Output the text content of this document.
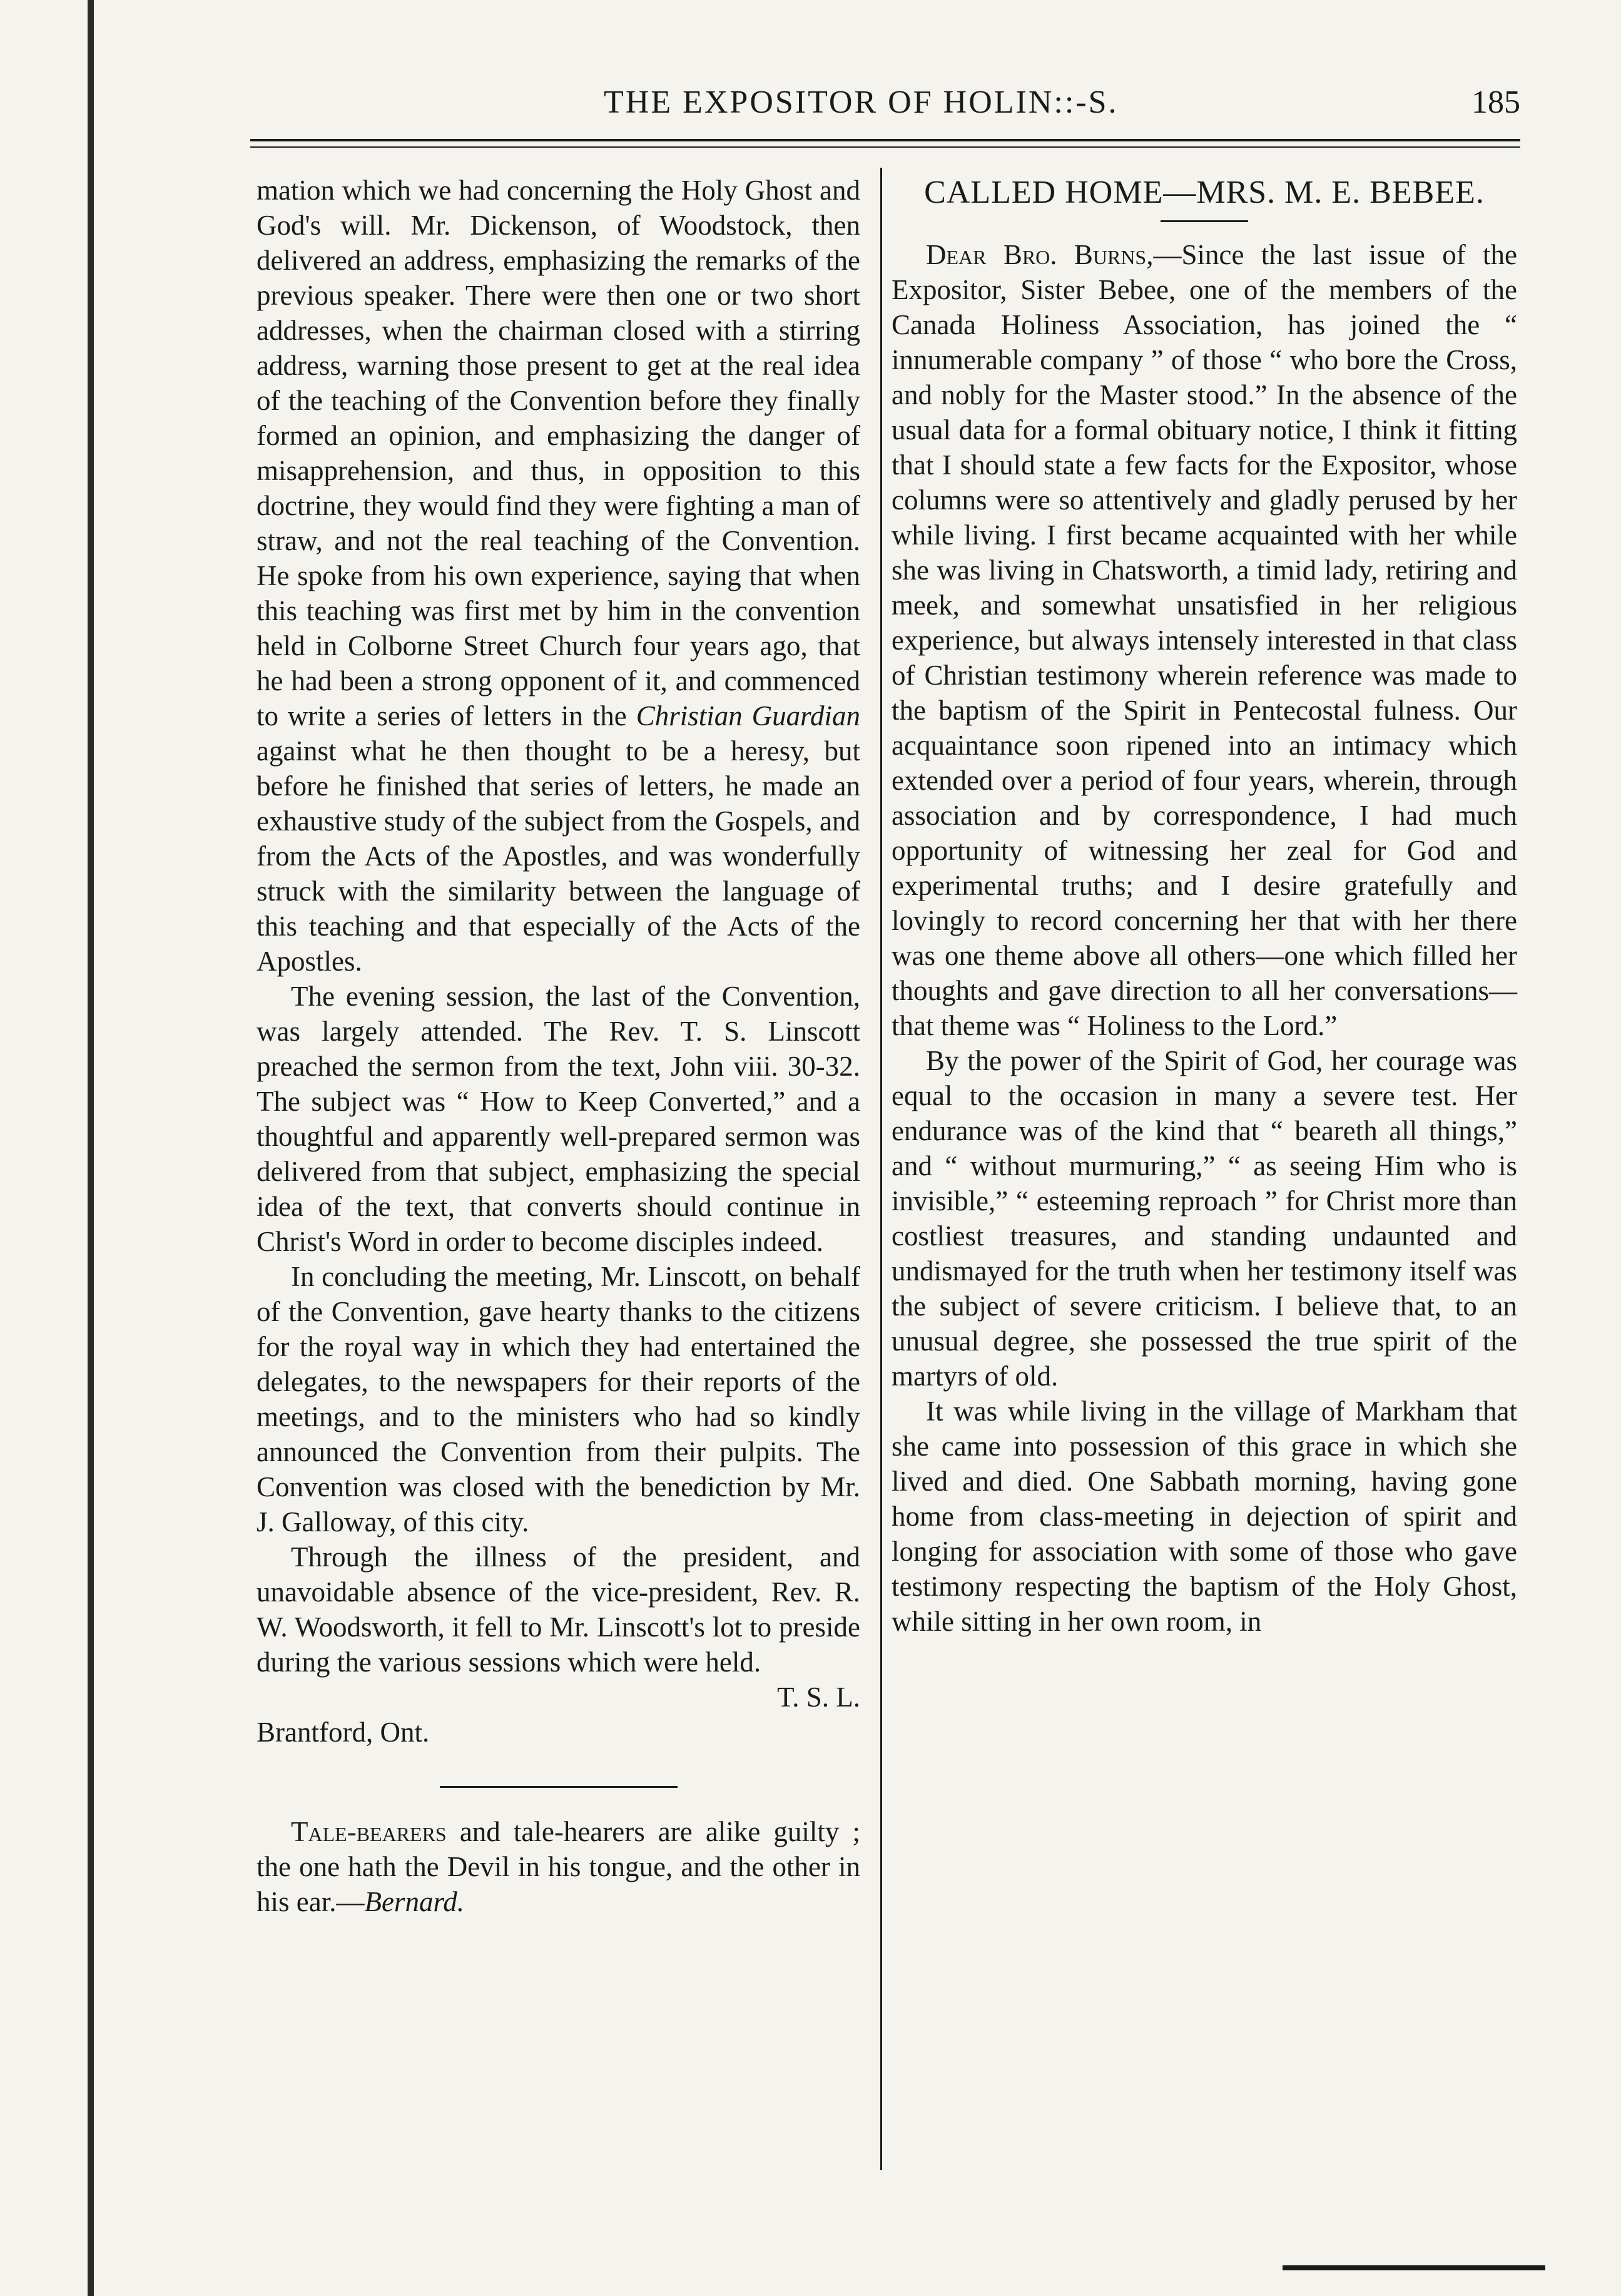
THE EXPOSITOR OF HOLIN::-S.	185

mation which we had concerning the Holy Ghost and God's will. Mr. Dickenson, of Woodstock, then delivered an address, emphasizing the remarks of the previous speaker. There were then one or two short addresses, when the chairman closed with a stirring address, warning those present to get at the real idea of the teaching of the Convention before they finally formed an opinion, and emphasizing the danger of misapprehension, and thus, in opposition to this doctrine, they would find they were fighting a man of straw, and not the real teaching of the Convention. He spoke from his own experience, saying that when this teaching was first met by him in the convention held in Colborne Street Church four years ago, that he had been a strong opponent of it, and commenced to write a series of letters in the Christian Guardian against what he then thought to be a heresy, but before he finished that series of letters, he made an exhaustive study of the subject from the Gospels, and from the Acts of the Apostles, and was wonderfully struck with the similarity between the language of this teaching and that especially of the Acts of the Apostles.

The evening session, the last of the Convention, was largely attended. The Rev. T. S. Linscott preached the sermon from the text, John viii. 30-32. The subject was “ How to Keep Converted,” and a thoughtful and apparently well-prepared sermon was delivered from that subject, emphasizing the special idea of the text, that converts should continue in Christ's Word in order to become disciples indeed.

In concluding the meeting, Mr. Linscott, on behalf of the Convention, gave hearty thanks to the citizens for the royal way in which they had entertained the delegates, to the newspapers for their reports of the meetings, and to the ministers who had so kindly announced the Convention from their pulpits. The Convention was closed with the benediction by Mr. J. Galloway, of this city.

Through the illness of the president, and unavoidable absence of the vice-president, Rev. R. W. Woodsworth, it fell to Mr. Linscott's lot to preside during the various sessions which were held.

T. S. L.

Brantford, Ont.

Tale-bearers and tale-hearers are alike guilty ; the one hath the Devil in his tongue, and the other in his ear.—Bernard.

CALLED HOME—MRS. M. E. BEBEE.

Dear Bro. Burns,—Since the last issue of the Expositor, Sister Bebee, one of the members of the Canada Holiness Association, has joined the “ innumerable company ” of those “ who bore the Cross, and nobly for the Master stood.” In the absence of the usual data for a formal obituary notice, I think it fitting that I should state a few facts for the Expositor, whose columns were so attentively and gladly perused by her while living. I first became acquainted with her while she was living in Chatsworth, a timid lady, retiring and meek, and somewhat unsatisfied in her religious experience, but always intensely interested in that class of Christian testimony wherein reference was made to the baptism of the Spirit in Pentecostal fulness. Our acquaintance soon ripened into an intimacy which extended over a period of four years, wherein, through association and by correspondence, I had much opportunity of witnessing her zeal for God and experimental truths; and I desire gratefully and lovingly to record concerning her that with her there was one theme above all others—one which filled her thoughts and gave direction to all her conversations—that theme was “ Holiness to the Lord.”

By the power of the Spirit of God, her courage was equal to the occasion in many a severe test. Her endurance was of the kind that “ beareth all things,” and “ without murmuring,” “ as seeing Him who is invisible,” “ esteeming reproach ” for Christ more than costliest treasures, and standing undaunted and undismayed for the truth when her testimony itself was the subject of severe criticism. I believe that, to an unusual degree, she possessed the true spirit of the martyrs of old.

It was while living in the village of Markham that she came into possession of this grace in which she lived and died. One Sabbath morning, having gone home from class-meeting in dejection of spirit and longing for association with some of those who gave testimony respecting the baptism of the Holy Ghost, while sitting in her own room, in
